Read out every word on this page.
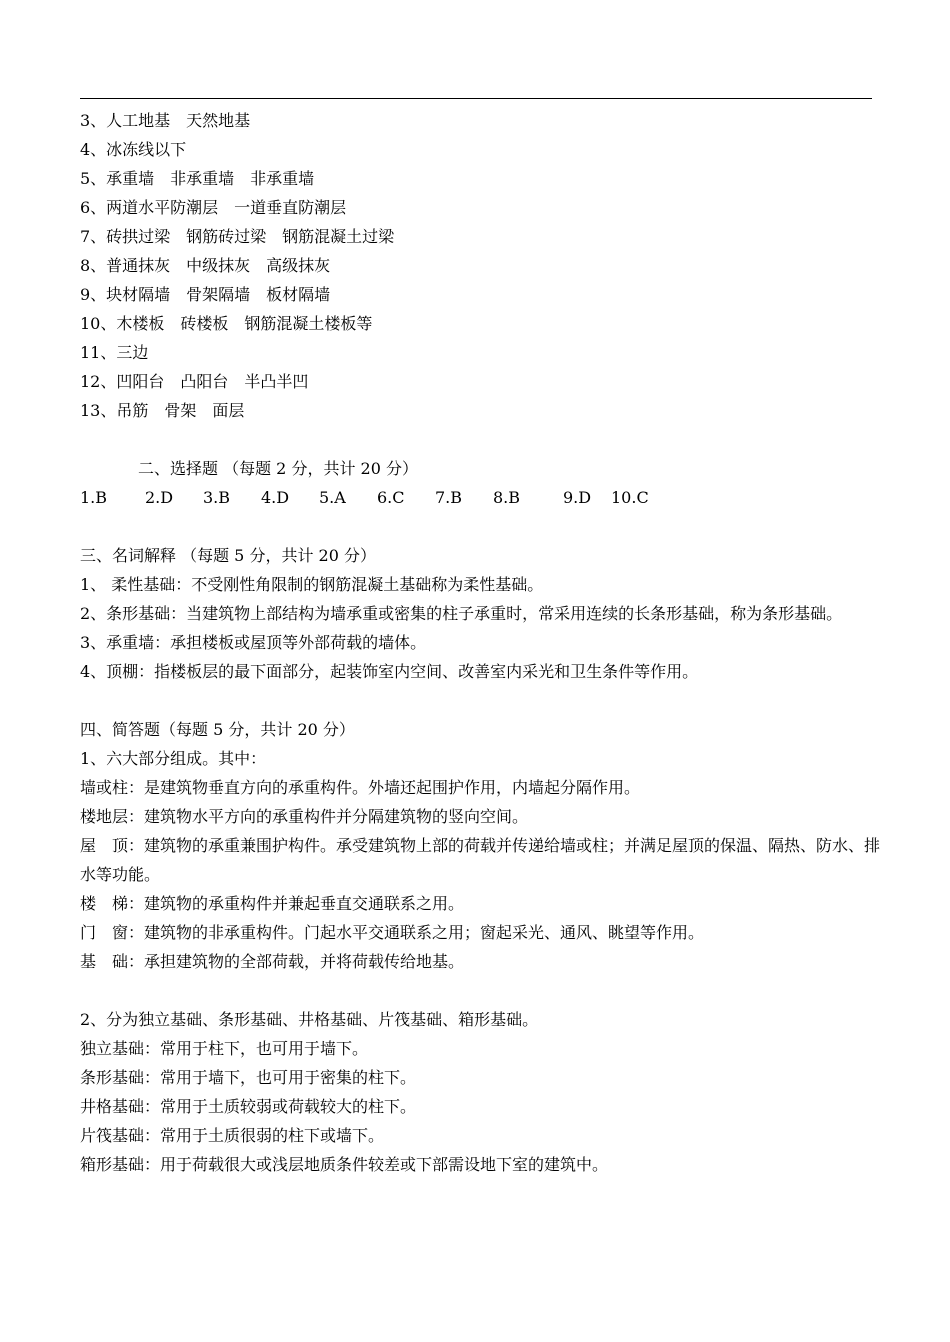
3、人工地基　天然地基
4、冰冻线以下
5、承重墙　非承重墙　非承重墙
6、两道水平防潮层　一道垂直防潮层
7、砖拱过梁　钢筋砖过梁　钢筋混凝土过梁
8、普通抹灰　中级抹灰　高级抹灰
9、块材隔墙　骨架隔墙　板材隔墙
10、木楼板　砖楼板　钢筋混凝土楼板等
11、三边
12、凹阳台　凸阳台　半凸半凹
13、吊筋　骨架　面层
二、选择题 （每题 2 分，共计 20 分）
1.B	2.D	3.B	4.D	5.A	6.C	7.B	8.B	9.D	10.C
三、名词解释 （每题 5 分，共计 20 分）
1、 柔性基础：不受刚性角限制的钢筋混凝土基础称为柔性基础。
2、条形基础：当建筑物上部结构为墙承重或密集的柱子承重时，常采用连续的长条形基础，称为条形基础。
3、承重墙：承担楼板或屋顶等外部荷载的墙体。
4、顶棚：指楼板层的最下面部分，起装饰室内空间、改善室内采光和卫生条件等作用。
四、简答题（每题 5 分，共计 20 分）
1、六大部分组成。其中：
墙或柱：是建筑物垂直方向的承重构件。外墙还起围护作用，内墙起分隔作用。
楼地层：建筑物水平方向的承重构件并分隔建筑物的竖向空间。
屋　顶：建筑物的承重兼围护构件。承受建筑物上部的荷载并传递给墙或柱；并满足屋顶的保温、隔热、防水、排水等功能。
楼　梯：建筑物的承重构件并兼起垂直交通联系之用。
门　窗：建筑物的非承重构件。门起水平交通联系之用；窗起采光、通风、眺望等作用。
基　础：承担建筑物的全部荷载，并将荷载传给地基。
2、分为独立基础、条形基础、井格基础、片筏基础、箱形基础。
独立基础：常用于柱下，也可用于墙下。
条形基础：常用于墙下，也可用于密集的柱下。
井格基础：常用于土质较弱或荷载较大的柱下。
片筏基础：常用于土质很弱的柱下或墙下。
箱形基础：用于荷载很大或浅层地质条件较差或下部需设地下室的建筑中。
